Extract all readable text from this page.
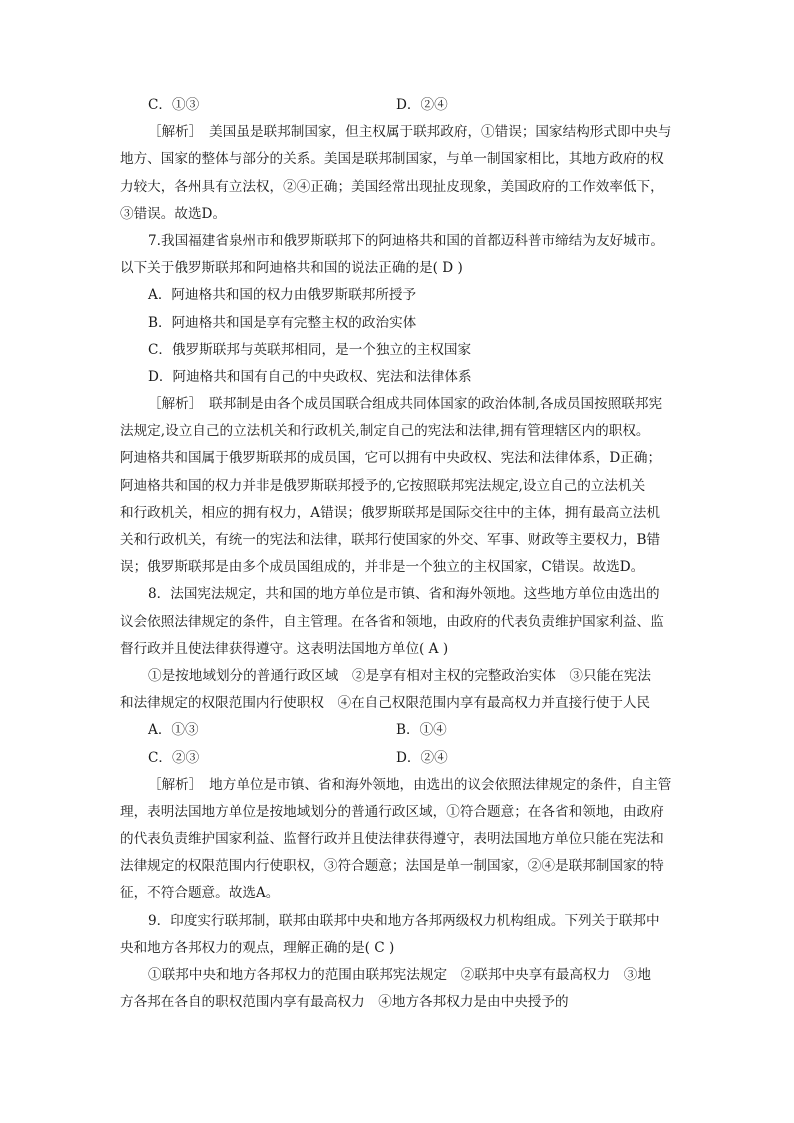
C．①③	D．②④
［解析］　美国虽是联邦制国家，但主权属于联邦政府，①错误；国家结构形式即中央与
地方、国家的整体与部分的关系。美国是联邦制国家，与单一制国家相比，其地方政府的权
力较大，各州具有立法权，②④正确；美国经常出现扯皮现象，美国政府的工作效率低下，
③错误。故选D。
7.我国福建省泉州市和俄罗斯联邦下的阿迪格共和国的首都迈科普市缔结为友好城市。
以下关于俄罗斯联邦和阿迪格共和国的说法正确的是( D )
A．阿迪格共和国的权力由俄罗斯联邦所授予
B．阿迪格共和国是享有完整主权的政治实体
C．俄罗斯联邦与英联邦相同，是一个独立的主权国家
D．阿迪格共和国有自己的中央政权、宪法和法律体系
［解析］　联邦制是由各个成员国联合组成共同体国家的政治体制,各成员国按照联邦宪
法规定,设立自己的立法机关和行政机关,制定自己的宪法和法律,拥有管理辖区内的职权。
阿迪格共和国属于俄罗斯联邦的成员国，它可以拥有中央政权、宪法和法律体系，D正确；
阿迪格共和国的权力并非是俄罗斯联邦授予的,它按照联邦宪法规定,设立自己的立法机关
和行政机关，相应的拥有权力，A错误；俄罗斯联邦是国际交往中的主体，拥有最高立法机
关和行政机关，有统一的宪法和法律，联邦行使国家的外交、军事、财政等主要权力，B错
误；俄罗斯联邦是由多个成员国组成的，并非是一个独立的主权国家，C错误。故选D。
8．法国宪法规定，共和国的地方单位是市镇、省和海外领地。这些地方单位由选出的
议会依照法律规定的条件，自主管理。在各省和领地，由政府的代表负责维护国家利益、监
督行政并且使法律获得遵守。这表明法国地方单位( A )
①是按地域划分的普通行政区域　②是享有相对主权的完整政治实体　③只能在宪法
和法律规定的权限范围内行使职权　④在自己权限范围内享有最高权力并直接行使于人民
A．①③	B．①④
C．②③	D．②④
［解析］　地方单位是市镇、省和海外领地，由选出的议会依照法律规定的条件，自主管
理，表明法国地方单位是按地域划分的普通行政区域，①符合题意；在各省和领地，由政府
的代表负责维护国家利益、监督行政并且使法律获得遵守，表明法国地方单位只能在宪法和
法律规定的权限范围内行使职权，③符合题意；法国是单一制国家，②④是联邦制国家的特
征，不符合题意。故选A。
9．印度实行联邦制，联邦由联邦中央和地方各邦两级权力机构组成。下列关于联邦中
央和地方各邦权力的观点，理解正确的是( C )
①联邦中央和地方各邦权力的范围由联邦宪法规定　②联邦中央享有最高权力　③地
方各邦在各自的职权范围内享有最高权力　④地方各邦权力是由中央授予的
